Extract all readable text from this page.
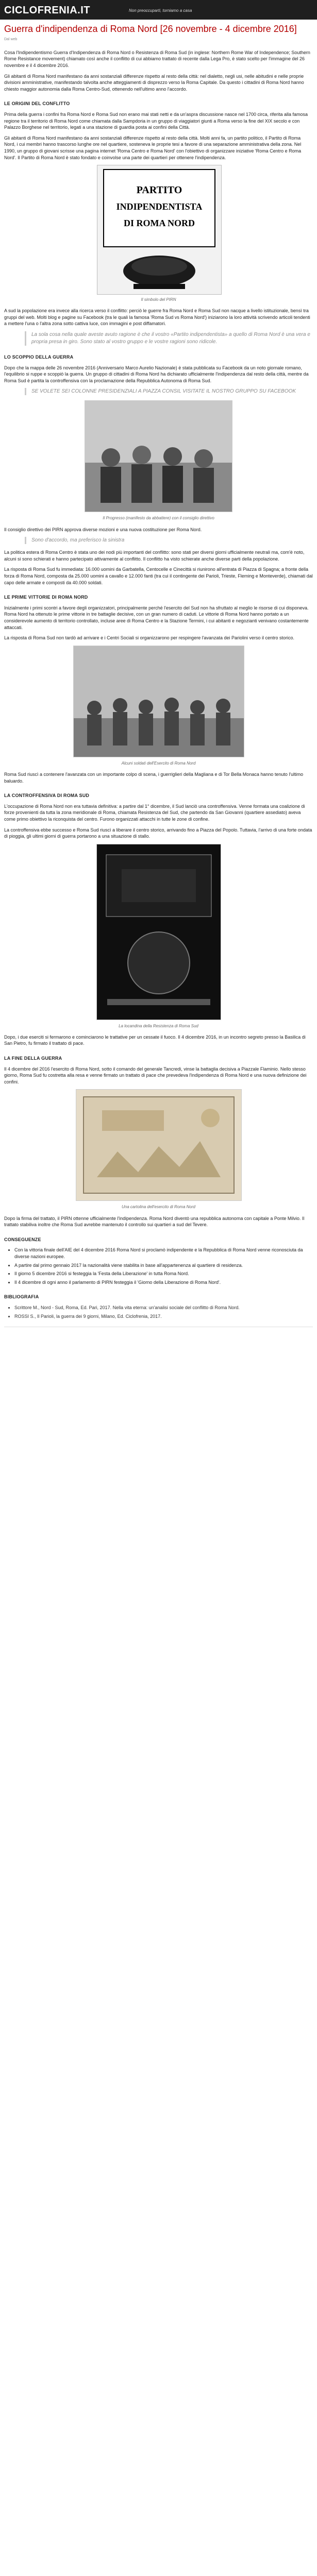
CICLOFRENIA.IT	Non preoccuparti, torniamo a casa
Guerra d'indipendenza di Roma Nord [26 novembre - 4 dicembre 2016]
Dal web

Cosa l'Indipendentismo Guerra d'Indipendenza di Roma Nord o Resistenza di Roma Sud (in inglese: Northern Rome War of Independence; Southern Rome Resistance movement) chiamato così anche il conflitto di cui abbiamo trattato di recente dalla Lega Pro, è stato scelto per l'immagine del 26 novembre e il 4 dicembre 2016.

Gli abitanti di Roma Nord manifestano da anni sostanziali differenze rispetto al resto della città: nel dialetto, negli usi, nelle abitudini e nelle proprie divisioni amministrative, manifestando talvolta anche atteggiamenti di disprezzo verso la Roma Capitale. Da questo i cittadini di Roma Nord hanno chiesto maggior autonomia dalla Roma Centro-Sud, ottenendo nell'ultimo anno l'accordo.

LE ORIGINI DEL CONFLITTO

Prima della guerra i confini fra Roma Nord e Roma Sud non erano mai stati netti e da un'aspra discussione nasce nel 1700 circa, riferita alla famosa regione tra il territorio di Roma Nord come chiamata dalla Sampdoria in un gruppo di viaggiatori giunti a Roma verso la fine del XIX secolo e con Palazzo Borghese nel territorio, legati a una stazione di guardia posta ai confini della Città.

Gli abitanti di Roma Nord manifestano da anni sostanziali differenze rispetto al resto della città. Molti anni fa, un partito politico, il Partito di Roma Nord, i cui membri hanno trascorso lunghe ore nel quartiere, sosteneva le proprie tesi a favore di una separazione amministrativa della zona. Nel 1990, un gruppo di giovani scrisse una pagina internet 'Roma Centro e Roma Nord' con l'obiettivo di organizzare iniziative 'Roma Centro e Roma Nord'. Il Partito di Roma Nord è stato fondato e coinvolse una parte dei quartieri per ottenere l'indipendenza.

PARTITO
INDIPENDENTISTA
DI ROMA NORD
Il simbolo del PIRN

A sud la popolazione era invece alla ricerca verso il conflitto: perciò le guerre fra Roma Nord e Roma Sud non nacque a livello istituzionale, bensì tra gruppi del web. Molti blog e pagine su Facebook (tra le quali la famosa 'Roma Sud vs Roma Nord') iniziarono la loro attività scrivendo articoli tendenti a mettere l'una o l'altra zona sotto cattiva luce, con immagini e post diffamatori.

La sola cosa nella quale aveste avuto ragione è che il vostro «Partito indipendentista» a quello di Roma Nord è una vera e propria presa in giro. Sono stato al vostro gruppo e le vostre ragioni sono ridicole.
LO SCOPPIO DELLA GUERRA

Dopo che la mappa delle 26 novembre 2016 (Anniversario Marco Aurelio Nazionale) è stata pubblicata su Facebook da un noto giornale romano, l'equilibrio si ruppe e scoppiò la guerra. Un gruppo di cittadini di Roma Nord ha dichiarato ufficialmente l'indipendenza dal resto della città, mentre da Roma Sud è partita la controffensiva con la proclamazione della Repubblica Autonoma di Roma Sud.

SE VOLETE SEI COLONNE PRESIDENZIALI A PIAZZA CONSIL VISITATE IL NOSTRO GRUPPO SU FACEBOOK
Il Progresso (manifesto da abbattere) con il consiglio direttivo

Il consiglio direttivo dei PIRN approva diverse mozioni e una nuova costituzione per Roma Nord.

Sono d'accordo, ma preferisco la sinistra

La politica estera di Roma Centro è stata uno dei nodi più importanti del conflitto: sono stati per diversi giorni ufficialmente neutrali ma, com'è noto, alcuni si sono schierati e hanno partecipato attivamente al conflitto. Il conflitto ha visto schierate anche diverse parti della popolazione.

La risposta di Roma Sud fu immediata: 16.000 uomini da Garbatella, Centocelle e Cinecittà si riunirono all'entrata di Piazza di Spagna; a fronte della forza di Roma Nord, composta da 25.000 uomini a cavallo e 12.000 fanti (tra cui il contingente dei Parioli, Trieste, Fleming e Monteverde), chiamati dal capo delle armate e composti da 40.000 soldati.

LE PRIME VITTORIE DI ROMA NORD

Inizialmente i primi scontri a favore degli organizzatori, principalmente perché l'esercito del Sud non ha sfruttato al meglio le risorse di cui disponeva. Roma Nord ha ottenuto le prime vittorie in tre battaglie decisive, con un gran numero di caduti. Le vittorie di Roma Nord hanno portato a un considerevole aumento di territorio controllato, incluse aree di Roma Centro e la Stazione Termini, i cui abitanti e negozianti venivano costantemente attaccati.

La risposta di Roma Sud non tardò ad arrivare e i Centri Sociali si organizzarono per respingere l'avanzata dei Pariolini verso il centro storico.

Alcuni soldati dell'Esercito di Roma Nord

Roma Sud riuscì a contenere l'avanzata con un importante colpo di scena, i guerriglieri della Magliana e di Tor Bella Monaca hanno tenuto l'ultimo baluardo.

LA CONTROFFENSIVA DI ROMA SUD

L'occupazione di Roma Nord non era tuttavia definitiva: a partire dal 1° dicembre, il Sud lanciò una controffensiva. Venne formata una coalizione di forze provenienti da tutta la zona meridionale di Roma, chiamata Resistenza del Sud, che partendo da San Giovanni (quartiere assediato) aveva come primo obiettivo la riconquista del centro. Furono organizzati attacchi in tutte le zone di confine.

La controffensiva ebbe successo e Roma Sud riuscì a liberare il centro storico, arrivando fino a Piazza del Popolo. Tuttavia, l'arrivo di una forte ondata di pioggia, gli ultimi giorni di guerra portarono a una situazione di stallo.

La locandina della Resistenza di Roma Sud

Dopo, i due eserciti si fermarono e cominciarono le trattative per un cessate il fuoco. Il 4 dicembre 2016, in un incontro segreto presso la Basilica di San Pietro, fu firmato il trattato di pace.

LA FINE DELLA GUERRA

Il 4 dicembre del 2016 l'esercito di Roma Nord, sotto il comando del generale Tancredi, vinse la battaglia decisiva a Piazzale Flaminio. Nello stesso giorno, Roma Sud fu costretta alla resa e venne firmato un trattato di pace che prevedeva l'indipendenza di Roma Nord e una nuova definizione dei confini.

Una cartolina dell'esercito di Roma Nord

Dopo la firma del trattato, il PIRN ottenne ufficialmente l'indipendenza. Roma Nord diventò una repubblica autonoma con capitale a Ponte Milvio. Il trattato stabiliva inoltre che Roma Sud avrebbe mantenuto il controllo sui quartieri a sud del Tevere.

CONSEGUENZE
• Con la vittoria finale dell'AIE del 4 dicembre 2016 Roma Nord si proclamò indipendente e la Repubblica di Roma Nord venne riconosciuta da diverse nazioni europee.
• A partire dal primo gennaio 2017 la nazionalità viene stabilita in base all'appartenenza al quartiere di residenza.
• Il giorno 5 dicembre 2016 si festeggia la 'Festa della Liberazione' in tutta Roma Nord.
• Il 4 dicembre di ogni anno il parlamento di PIRN festeggia il 'Giorno della Liberazione di Roma Nord'.
BIBLIOGRAFIA
• Scrittore M., Nord - Sud, Roma, Ed. Pari, 2017. Nella vita eterna: un'analisi sociale del conflitto di Roma Nord.
• ROSSI S., Il Parioli, la guerra dei 9 giorni, Milano, Ed. Ciclofrenia, 2017.
